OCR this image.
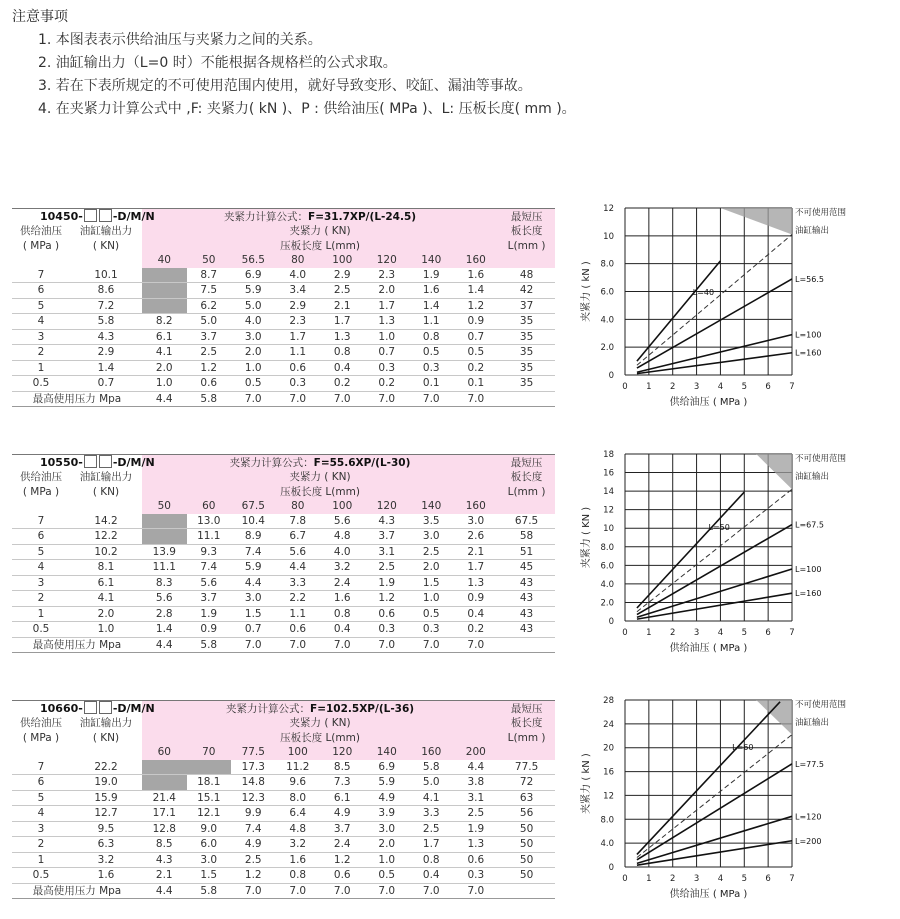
注意事项
1. 本图表表示供给油压与夹紧力之间的关系。
2. 油缸输出力（L=0 时）不能根据各规格栏的公式求取。
3. 若在下表所规定的不可使用范围内使用，就好导致变形、咬缸、漏油等事故。
4. 在夹紧力计算公式中 ,F: 夹紧力( kN )、P : 供给油压( MPa )、L: 压板长度( mm )。
10450- -D/M/N		夹紧力计算公式：F=31.7XP/(L-24.5)								最短压
供给油压	油缸输出力	夹紧力 ( KN)								板长度
( MPa )	( KN)	压板长度 L(mm)								L(mm )
		40	50	56.5	80	100	120	140	160	
7	10.1		8.7	6.9	4.0	2.9	2.3	1.9	1.6	48
6	8.6		7.5	5.9	3.4	2.5	2.0	1.6	1.4	42
5	7.2		6.2	5.0	2.9	2.1	1.7	1.4	1.2	37
4	5.8	8.2	5.0	4.0	2.3	1.7	1.3	1.1	0.9	35
3	4.3	6.1	3.7	3.0	1.7	1.3	1.0	0.8	0.7	35
2	2.9	4.1	2.5	2.0	1.1	0.8	0.7	0.5	0.5	35
1	1.4	2.0	1.2	1.0	0.6	0.4	0.3	0.3	0.2	35
0.5	0.7	1.0	0.6	0.5	0.3	0.2	0.2	0.1	0.1	35
最高使用压力 Mpa		4.4	5.8	7.0	7.0	7.0	7.0	7.0	7.0	
10550- -D/M/N		夹紧力计算公式：F=55.6XP/(L-30)								最短压
供给油压	油缸输出力	夹紧力 ( KN)								板长度
( MPa )	( KN)	压板长度 L(mm)								L(mm )
		50	60	67.5	80	100	120	140	160	
7	14.2		13.0	10.4	7.8	5.6	4.3	3.5	3.0	67.5
6	12.2		11.1	8.9	6.7	4.8	3.7	3.0	2.6	58
5	10.2	13.9	9.3	7.4	5.6	4.0	3.1	2.5	2.1	51
4	8.1	11.1	7.4	5.9	4.4	3.2	2.5	2.0	1.7	45
3	6.1	8.3	5.6	4.4	3.3	2.4	1.9	1.5	1.3	43
2	4.1	5.6	3.7	3.0	2.2	1.6	1.2	1.0	0.9	43
1	2.0	2.8	1.9	1.5	1.1	0.8	0.6	0.5	0.4	43
0.5	1.0	1.4	0.9	0.7	0.6	0.4	0.3	0.3	0.2	43
最高使用压力 Mpa		4.4	5.8	7.0	7.0	7.0	7.0	7.0	7.0	
10660- -D/M/N		夹紧力计算公式：F=102.5XP/(L-36)								最短压
供给油压	油缸输出力	夹紧力 ( KN)								板长度
( MPa )	( KN)	压板长度 L(mm)								L(mm )
		60	70	77.5	100	120	140	160	200	
7	22.2			17.3	11.2	8.5	6.9	5.8	4.4	77.5
6	19.0		18.1	14.8	9.6	7.3	5.9	5.0	3.8	72
5	15.9	21.4	15.1	12.3	8.0	6.1	4.9	4.1	3.1	63
4	12.7	17.1	12.1	9.9	6.4	4.9	3.9	3.3	2.5	56
3	9.5	12.8	9.0	7.4	4.8	3.7	3.0	2.5	1.9	50
2	6.3	8.5	6.0	4.9	3.2	2.4	2.0	1.7	1.3	50
1	3.2	4.3	3.0	2.5	1.6	1.2	1.0	0.8	0.6	50
0.5	1.6	2.1	1.5	1.2	0.8	0.6	0.5	0.4	0.3	50
最高使用压力 Mpa		4.4	5.8	7.0	7.0	7.0	7.0	7.0	7.0	
0
2.0
4.0
6.0
8.0
10
12
0 1 2 3 4 5 6 7
L=40
L=56.5
L=100
L=160
不可使用范围
油缸输出
供给油压 ( MPa )
夹紧力 ( kN )
0
2.0
4.0
6.0
8.0
10
12
14
16
18
0 1 2 3 4 5 6 7
L=50	L=67.5
L=100
L=160
不可使用范围
油缸输出
供给油压 ( MPa )
夹紧力 ( KN )
0
4.0
8.0
12
16
20
24
28
0 1 2 3 4 5 6 7
L=60
L=77.5
L=120
L=200
不可使用范围
油缸输出
供给油压 ( MPa )
夹紧力 ( kN )
